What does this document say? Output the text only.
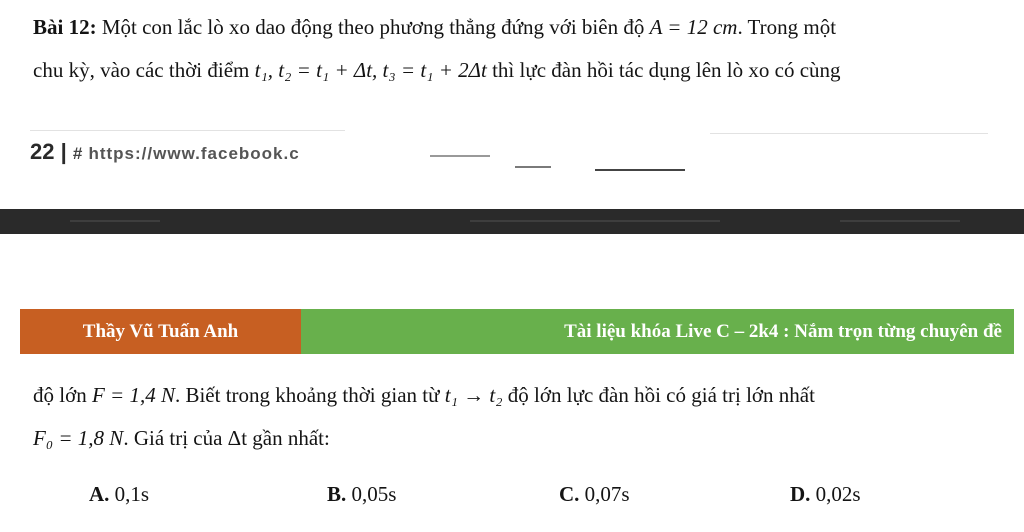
Bài 12: Một con lắc lò xo dao động theo phương thẳng đứng với biên độ A = 12 cm. Trong một
chu kỳ, vào các thời điểm t₁, t₂ = t₁ + Δt, t₃ = t₁ + 2Δt thì lực đàn hồi tác dụng lên lò xo có cùng
22 | # https://www.facebook.c
Thầy Vũ Tuấn Anh	Tài liệu khóa Live C – 2k4 : Nắm trọn từng chuyên đề
độ lớn F = 1,4 N. Biết trong khoảng thời gian từ t₁ → t₂ độ lớn lực đàn hồi có giá trị lớn nhất
F₀ = 1,8 N. Giá trị của Δt gần nhất:
A. 0,1s	B. 0,05s	C. 0,07s	D. 0,02s
